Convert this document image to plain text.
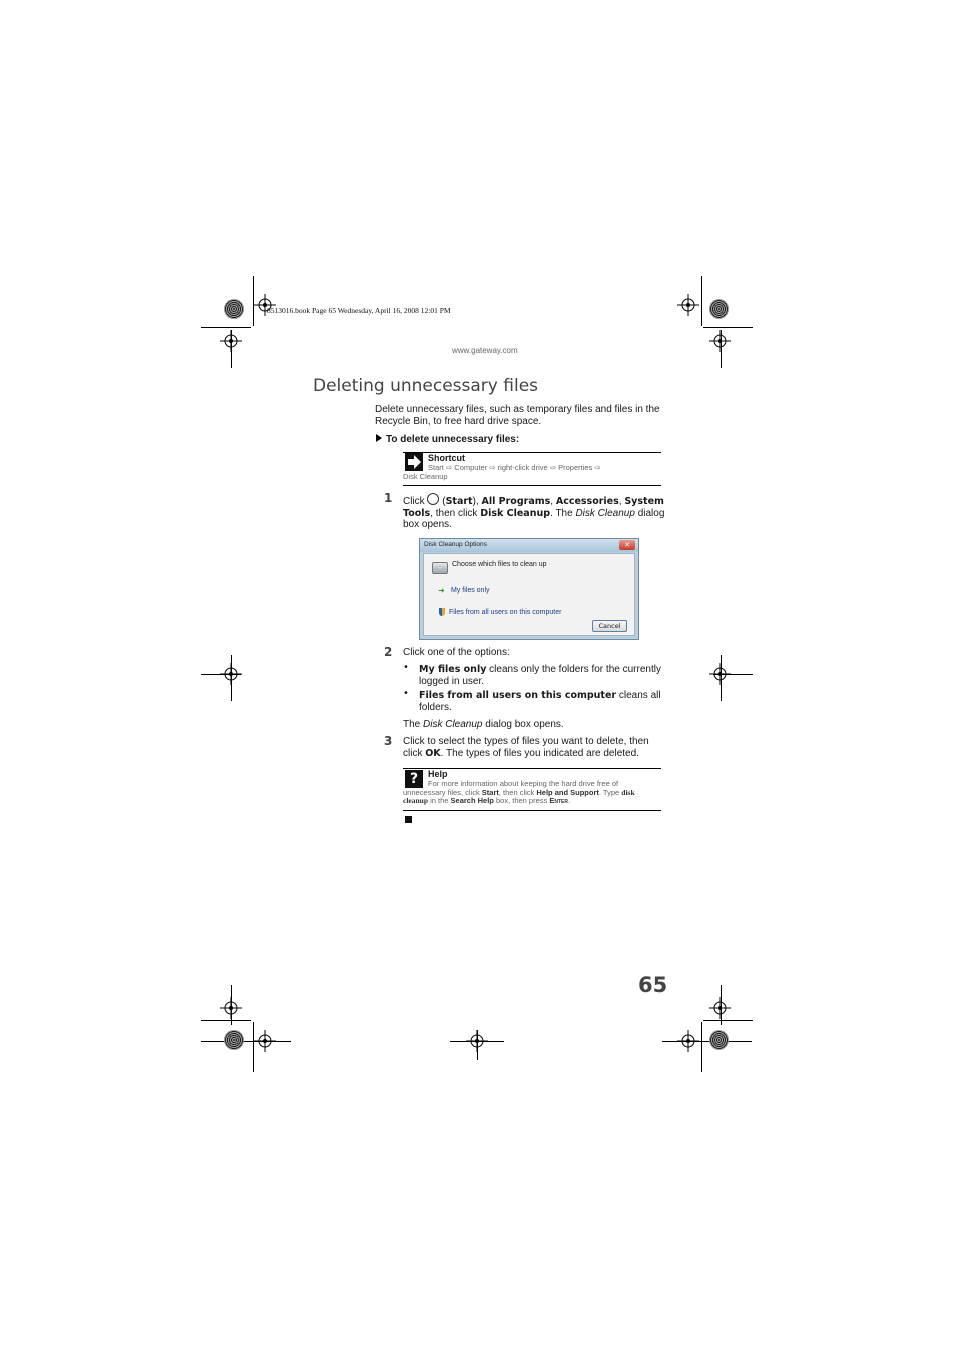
8513016.book Page 65 Wednesday, April 16, 2008 12:01 PM
www.gateway.com
Deleting unnecessary files
Delete unnecessary files, such as temporary files and files in the Recycle Bin, to free hard drive space.
To delete unnecessary files:
Shortcut
Start ⇨ Computer ⇨ right-click drive ⇨ Properties ⇨
Disk Cleanup
1 Click  (Start), All Programs, Accessories, System Tools, then click Disk Cleanup. The Disk Cleanup dialog box opens.
Disk Cleanup Options	✕
Choose which files to clean up
➜ My files only
Files from all users on this computer
Cancel
2 Click one of the options:
• My files only cleans only the folders for the currently logged in user.
• Files from all users on this computer cleans all folders.
The Disk Cleanup dialog box opens.
3 Click to select the types of files you want to delete, then click OK. The types of files you indicated are deleted.
?	Help
For more information about keeping the hard drive free of unnecessary files, click Start, then click Help and Support. Type disk cleanup in the Search Help box, then press Enter.
65
